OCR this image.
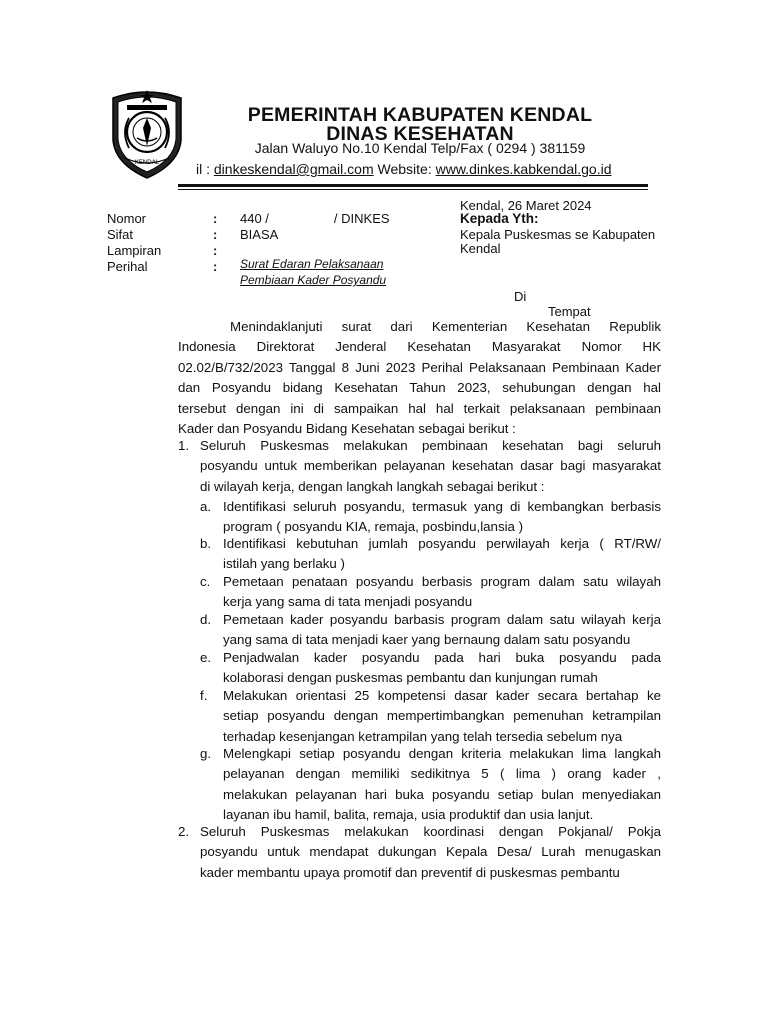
KENDAL
PEMERINTAH KABUPATEN KENDAL
DINAS KESEHATAN
Jalan Waluyo No.10 Kendal Telp/Fax ( 0294 ) 381159
il : dinkeskendal@gmail.com Website: www.dinkes.kabkendal.go.id
Kendal, 26 Maret 2024
Nomor	: 440 /                  / DINKES
Sifat	: BIASA
Lampiran	:
Perihal	: Surat Edaran Pelaksanaan
Pembiaan Kader Posyandu
Kepada Yth:
Kepala Puskesmas se Kabupaten
Kendal
Di
Tempat
Menindaklanjuti surat dari Kementerian Kesehatan Republik
Indonesia Direktorat Jenderal Kesehatan Masyarakat Nomor HK
02.02/B/732/2023 Tanggal 8 Juni 2023 Perihal Pelaksanaan Pembinaan Kader
dan Posyandu bidang Kesehatan Tahun 2023, sehubungan dengan hal
tersebut dengan ini di sampaikan hal hal terkait pelaksanaan pembinaan
Kader dan Posyandu Bidang Kesehatan sebagai berikut :
1. Seluruh Puskesmas melakukan pembinaan kesehatan bagi seluruh
posyandu untuk memberikan pelayanan kesehatan dasar bagi masyarakat
di wilayah kerja, dengan langkah langkah sebagai berikut :
a. Identifikasi seluruh posyandu, termasuk yang di kembangkan berbasis
program ( posyandu KIA, remaja, posbindu,lansia )
b. Identifikasi kebutuhan jumlah posyandu perwilayah kerja ( RT/RW/
istilah yang berlaku )
c. Pemetaan penataan posyandu berbasis program dalam satu wilayah
kerja yang sama di tata menjadi posyandu
d. Pemetaan kader posyandu barbasis program dalam satu wilayah kerja
yang sama di tata menjadi kaer yang bernaung dalam satu posyandu
e. Penjadwalan kader posyandu pada hari buka posyandu pada
kolaborasi dengan puskesmas pembantu dan kunjungan rumah
f. Melakukan orientasi 25 kompetensi dasar kader secara bertahap ke
setiap posyandu dengan mempertimbangkan pemenuhan ketrampilan
terhadap kesenjangan ketrampilan yang telah tersedia sebelum nya
g. Melengkapi setiap posyandu dengan kriteria melakukan lima langkah
pelayanan dengan memiliki sedikitnya 5 ( lima ) orang kader ,
melakukan pelayanan hari buka posyandu setiap bulan menyediakan
layanan ibu hamil, balita, remaja, usia produktif dan usia lanjut.
2. Seluruh Puskesmas melakukan koordinasi dengan Pokjanal/ Pokja
posyandu untuk mendapat dukungan Kepala Desa/ Lurah menugaskan
kader membantu upaya promotif dan preventif di puskesmas pembantu
